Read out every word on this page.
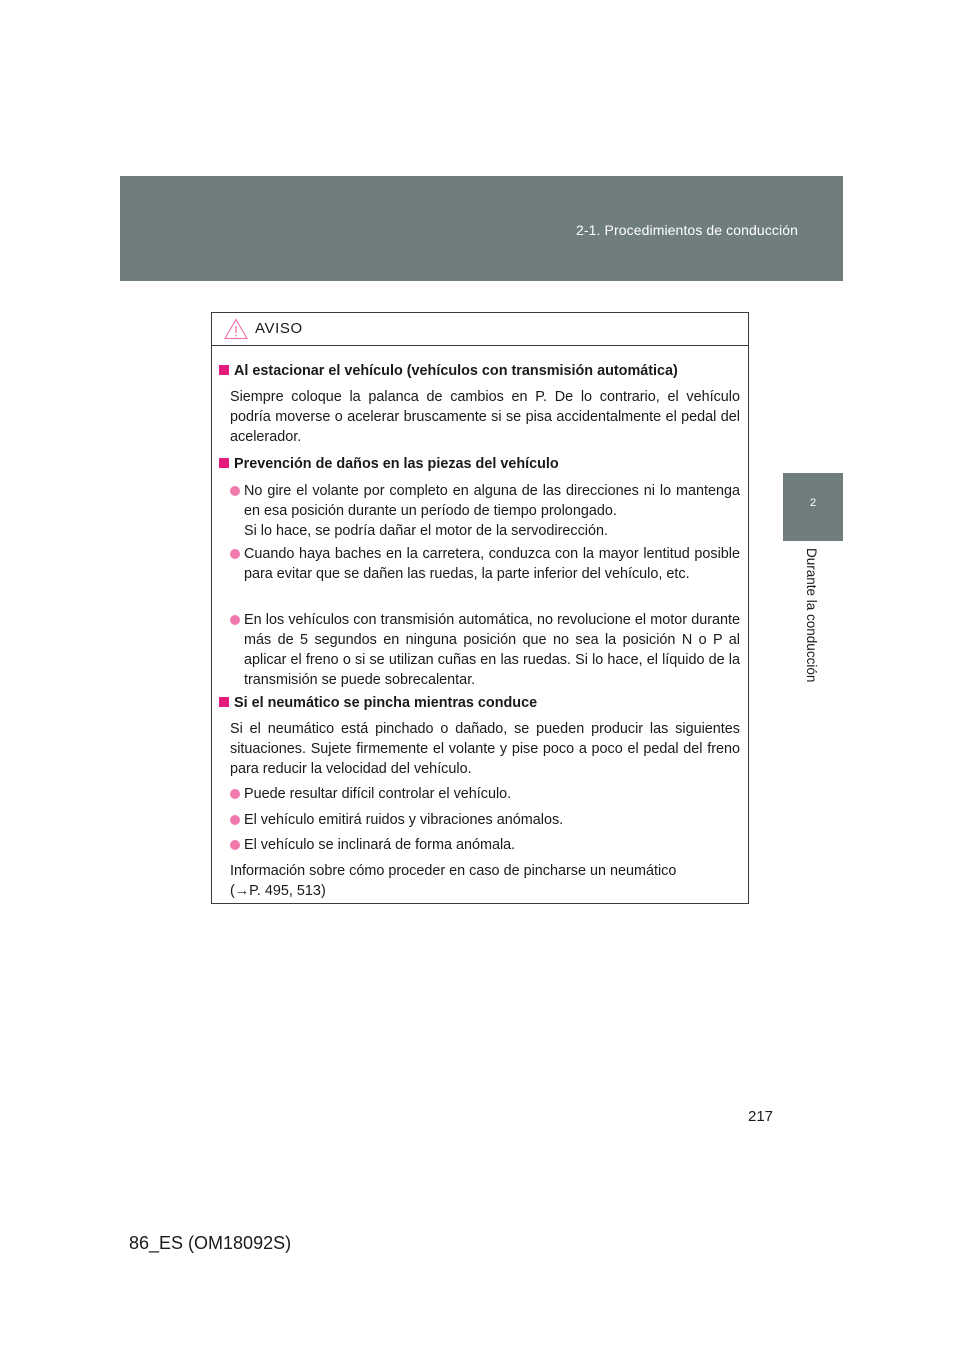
2-1. Procedimientos de conducción
2
Durante la conducción
AVISO
Al estacionar el vehículo (vehículos con transmisión automática)
Siempre coloque la palanca de cambios en P. De lo contrario, el vehículo podría moverse o acelerar bruscamente si se pisa accidentalmente el pedal del acelerador.
Prevención de daños en las piezas del vehículo
No gire el volante por completo en alguna de las direcciones ni lo mantenga en esa posición durante un período de tiempo prolongado.
Si lo hace, se podría dañar el motor de la servodirección.
Cuando haya baches en la carretera, conduzca con la mayor lentitud posible para evitar que se dañen las ruedas, la parte inferior del vehículo, etc.
En los vehículos con transmisión automática, no revolucione el motor durante más de 5 segundos en ninguna posición que no sea la posición N o P al aplicar el freno o si se utilizan cuñas en las ruedas. Si lo hace, el líquido de la transmisión se puede sobrecalentar.
Si el neumático se pincha mientras conduce
Si el neumático está pinchado o dañado, se pueden producir las siguientes situaciones. Sujete firmemente el volante y pise poco a poco el pedal del freno para reducir la velocidad del vehículo.
Puede resultar difícil controlar el vehículo.
El vehículo emitirá ruidos y vibraciones anómalos.
El vehículo se inclinará de forma anómala.
Información sobre cómo proceder en caso de pincharse un neumático
(→P. 495, 513)
217
86_ES (OM18092S)
